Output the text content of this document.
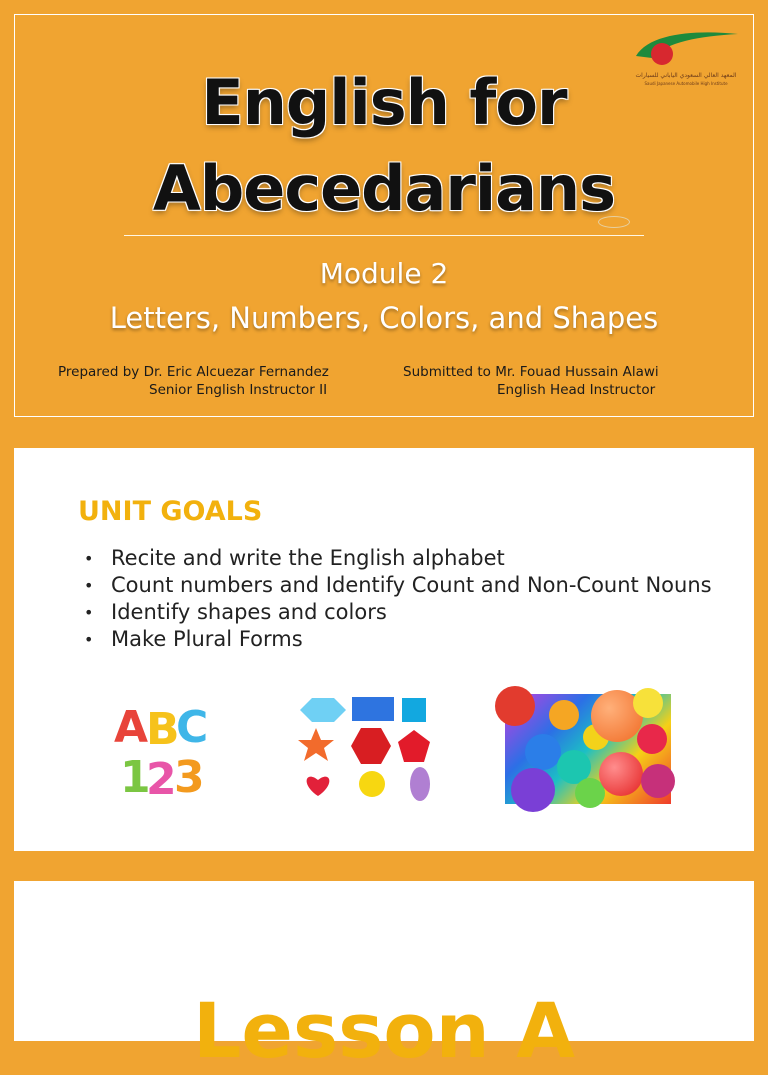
المعهد العالي السعودي الياباني للسيارات
Saudi Japanese Automobile High Institute
English for
Abecedarians
Module 2
Letters, Numbers, Colors, and Shapes
Prepared by Dr. Eric Alcuezar Fernandez
Senior English Instructor II
Submitted to Mr. Fouad Hussain Alawi
English Head Instructor
UNIT GOALS
• Recite and write the English alphabet
• Count numbers and Identify Count and Non-Count Nouns
• Identify shapes and colors
• Make Plural Forms
A
B
C
1
2
3
Lesson A
